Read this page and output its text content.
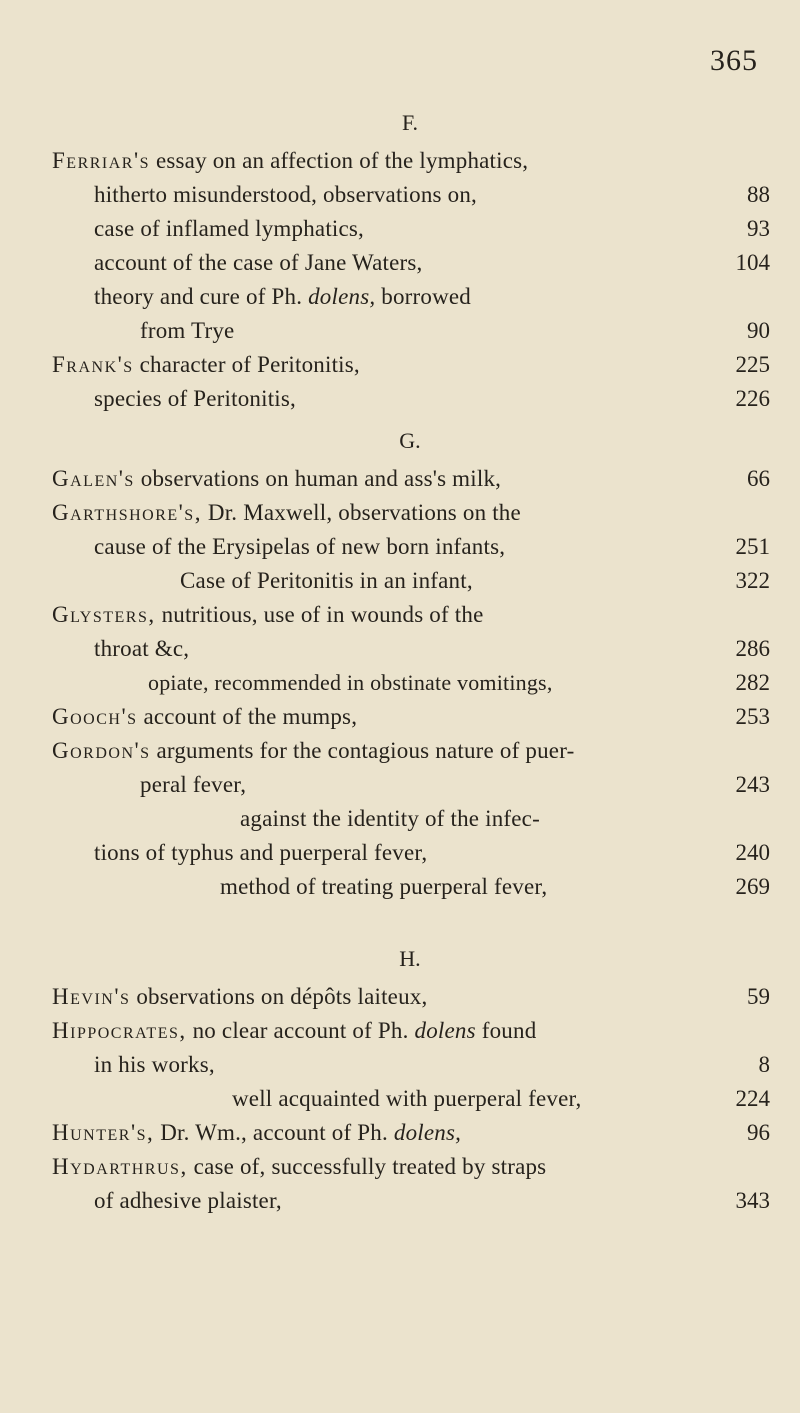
365
F.
Ferriar's essay on an affection of the lymphatics,
hitherto misunderstood, observations on,	88
case of inflamed lymphatics,	93
account of the case of Jane Waters,	104
theory and cure of Ph. dolens, borrowed
from Trye	90
Frank's character of Peritonitis,	225
species of Peritonitis,	226
G.
Galen's observations on human and ass's milk,	66
Garthshore's, Dr. Maxwell, observations on the
cause of the Erysipelas of new born infants,	251
Case of Peritonitis in an infant,	322
Glysters, nutritious, use of in wounds of the
throat &c,	286
opiate, recommended in obstinate vomitings,	282
Gooch's account of the mumps,	253
Gordon's arguments for the contagious nature of puer-
peral fever,	243
against the identity of the infec-
tions of typhus and puerperal fever,	240
method of treating puerperal fever,	269
H.
Hevin's observations on dépôts laiteux,	59
Hippocrates, no clear account of Ph. dolens found
in his works,	8
well acquainted with puerperal fever,	224
Hunter's, Dr. Wm., account of Ph. dolens,	96
Hydarthrus, case of, successfully treated by straps
of adhesive plaister,	343
